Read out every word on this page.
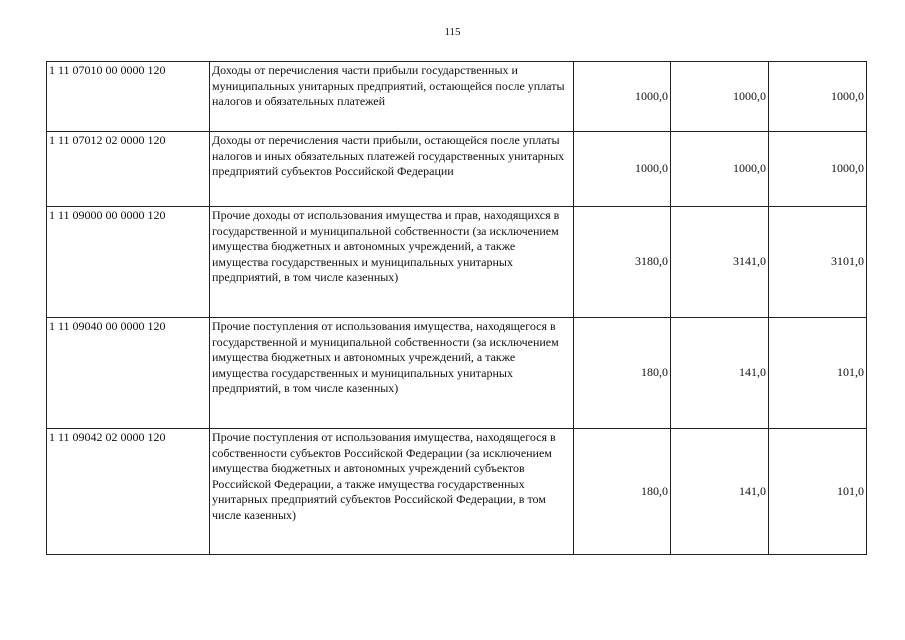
115
1 11 07010 00 0000 120	Доходы от перечисления части прибыли государственных и муниципальных унитарных предприятий, остающейся после уплаты налогов и обязательных платежей	1000,0	1000,0	1000,0
1 11 07012 02 0000 120	Доходы от перечисления части прибыли, остающейся после уплаты налогов и иных обязательных платежей государственных унитарных предприятий субъектов Российской Федерации	1000,0	1000,0	1000,0
1 11 09000 00 0000 120	Прочие доходы от использования имущества и прав, находящихся в государственной и муниципальной собственности (за исключением имущества бюджетных и автономных учреждений, а также имущества государственных и муниципальных унитарных предприятий, в том числе казенных)	3180,0	3141,0	3101,0
1 11 09040 00 0000 120	Прочие поступления от использования имущества, находящегося в государственной и муниципальной собственности (за исключением имущества бюджетных и автономных учреждений, а также имущества государственных и муниципальных унитарных предприятий, в том числе казенных)	180,0	141,0	101,0
1 11 09042 02 0000 120	Прочие поступления от использования имущества, находящегося в собственности субъектов Российской Федерации (за исключением имущества бюджетных и автономных учреждений субъектов Российской Федерации, а также имущества государственных унитарных предприятий субъектов Российской Федерации, в том числе казенных)	180,0	141,0	101,0
